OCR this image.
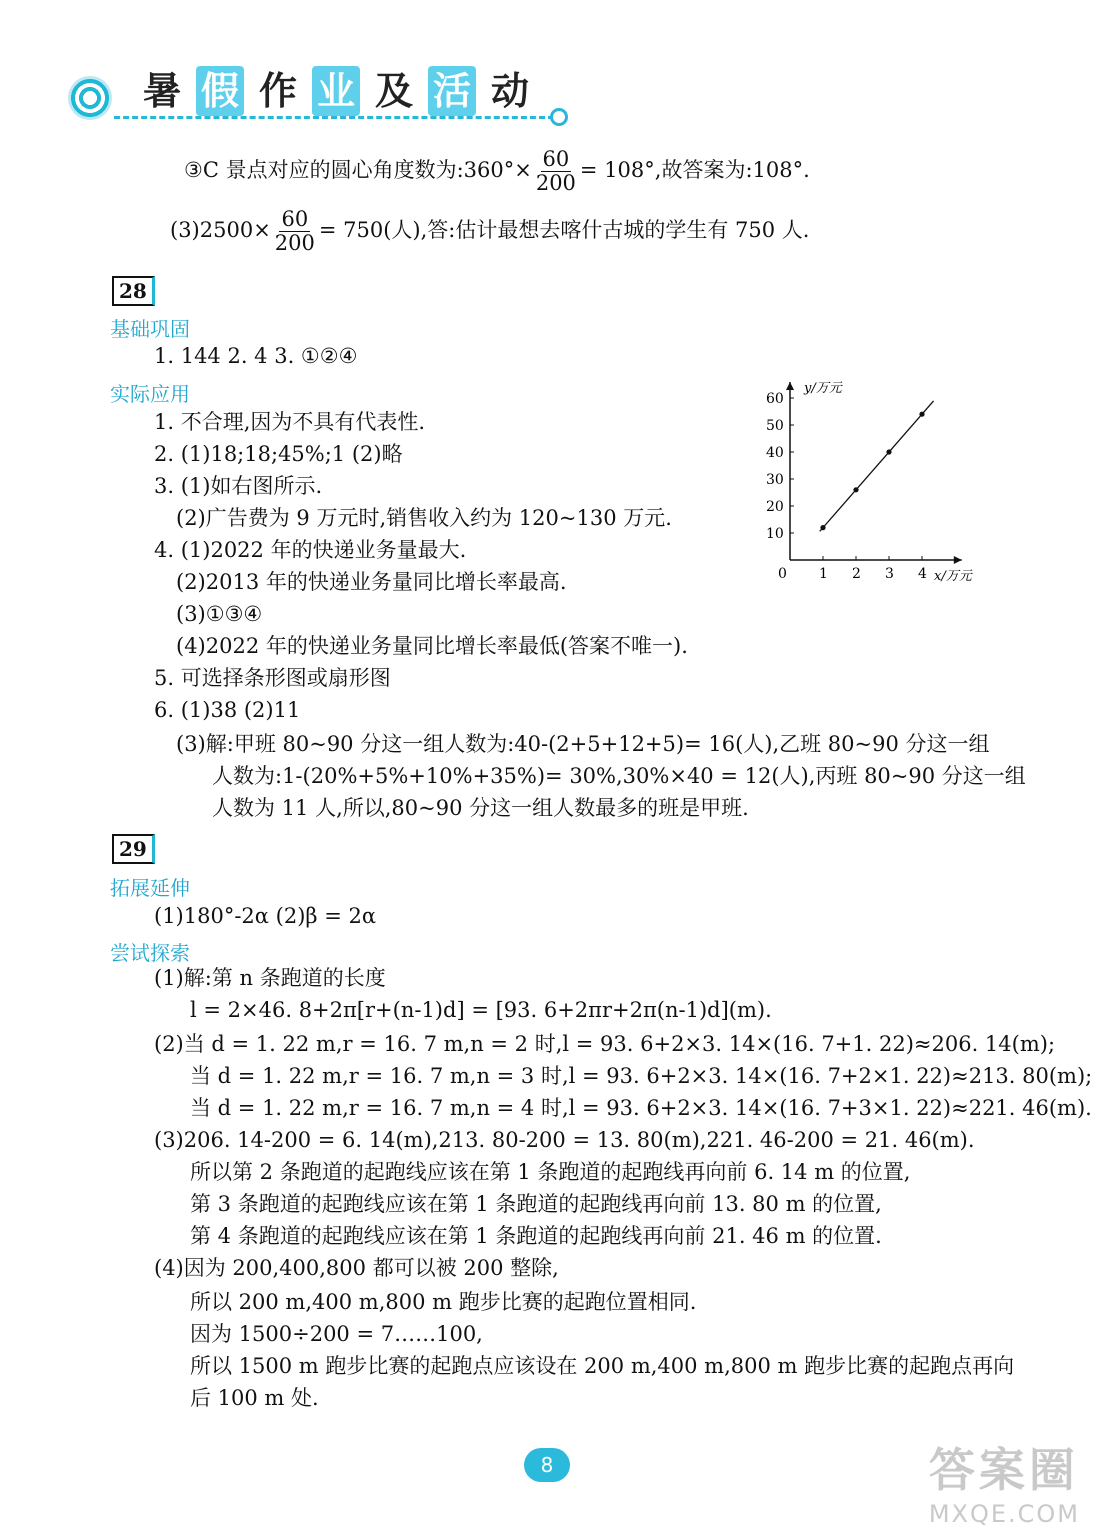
暑 假 作 业 及 活 动
③C 景点对应的圆心角度数为:360°× $\frac{60}{200} = 108^\circ$,故答案为:108°.
$(3)2500\times \frac{60}{200} = 750$(人),答:估计最想去喀什古城的学生有 750 人.
28
基础巩固
1. 144 2. 4 3. ①②④
实际应用
1. 不合理,因为不具有代表性.
2. (1)18;18;45%;1 (2)略
3. (1)如右图所示.
(2)广告费为 9 万元时,销售收入约为 120~130 万元.
4. (1)2022 年的快递业务量最大.
(2)2013 年的快递业务量同比增长率最高.
(3)①③④
(4)2022 年的快递业务量同比增长率最低(答案不唯一).
5. 可选择条形图或扇形图
6. (1)38 (2)11
(3)解:甲班 80~90 分这一组人数为:40-(2+5+12+5)= 16(人),乙班 80~90 分这一组
人数为:1-(20%+5%+10%+35%)= 30%,30%×40 = 12(人),丙班 80~90 分这一组
人数为 11 人,所以,80~90 分这一组人数最多的班是甲班.
y/万元
x/万元
0 1 2 3 4
10
20
30
40
50
60
29
拓展延伸
(1)180°-2α (2)β = 2α
尝试探索
(1)解:第 n 条跑道的长度
l = 2×46. 8+2π[r+(n-1)d] = [93. 6+2πr+2π(n-1)d](m).
(2)当 d = 1. 22 m,r = 16. 7 m,n = 2 时,l = 93. 6+2×3. 14×(16. 7+1. 22)≈206. 14(m);
当 d = 1. 22 m,r = 16. 7 m,n = 3 时,l = 93. 6+2×3. 14×(16. 7+2×1. 22)≈213. 80(m);
当 d = 1. 22 m,r = 16. 7 m,n = 4 时,l = 93. 6+2×3. 14×(16. 7+3×1. 22)≈221. 46(m).
(3)206. 14-200 = 6. 14(m),213. 80-200 = 13. 80(m),221. 46-200 = 21. 46(m).
所以第 2 条跑道的起跑线应该在第 1 条跑道的起跑线再向前 6. 14 m 的位置,
第 3 条跑道的起跑线应该在第 1 条跑道的起跑线再向前 13. 80 m 的位置,
第 4 条跑道的起跑线应该在第 1 条跑道的起跑线再向前 21. 46 m 的位置.
(4)因为 200,400,800 都可以被 200 整除,
所以 200 m,400 m,800 m 跑步比赛的起跑位置相同.
因为 1500÷200 = 7……100,
所以 1500 m 跑步比赛的起跑点应该设在 200 m,400 m,800 m 跑步比赛的起跑点再向
后 100 m 处.
8	答案圈
MXQE.COM
